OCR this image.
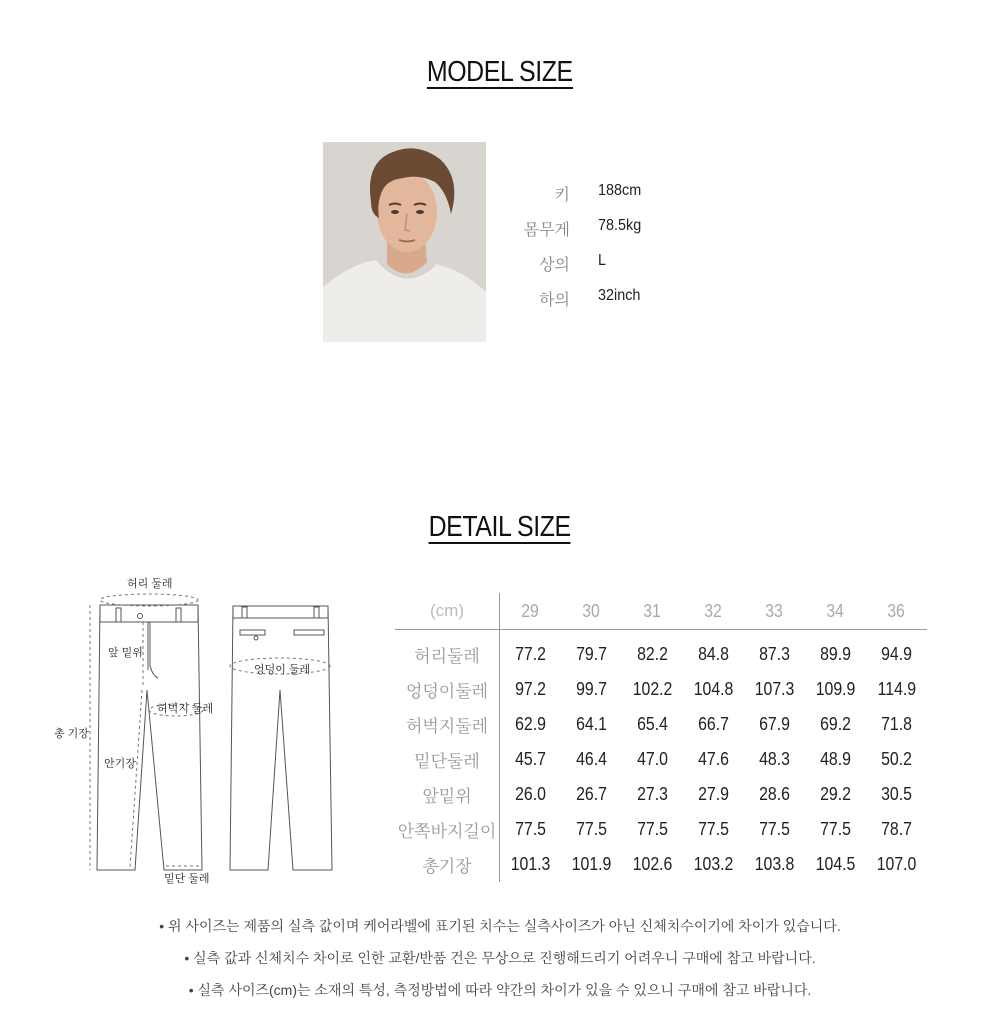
MODEL SIZE
키 188cm
몸무게 78.5kg
상의 L
하의 32inch
DETAIL SIZE
허리 둘레
앞 밑위
허벅지 둘레
총 기장
안기장
밑단 둘레
엉덩이 둘레
(cm)	29	30	31	32	33	34	36
허리둘레	77.2	79.7	82.2	84.8	87.3	89.9	94.9
엉덩이둘레	97.2	99.7	102.2	104.8	107.3	109.9	114.9
허벅지둘레	62.9	64.1	65.4	66.7	67.9	69.2	71.8
밑단둘레	45.7	46.4	47.0	47.6	48.3	48.9	50.2
앞밑위	26.0	26.7	27.3	27.9	28.6	29.2	30.5
안쪽바지길이	77.5	77.5	77.5	77.5	77.5	77.5	78.7
총기장	101.3	101.9	102.6	103.2	103.8	104.5	107.0
• 위 사이즈는 제품의 실측 값이며 케어라벨에 표기된 치수는 실측사이즈가 아닌 신체치수이기에 차이가 있습니다.
• 실측 값과 신체치수 차이로 인한 교환/반품 건은 무상으로 진행해드리기 어려우니 구매에 참고 바랍니다.
• 실측 사이즈(cm)는 소재의 특성, 측정방법에 따라 약간의 차이가 있을 수 있으니 구매에 참고 바랍니다.
